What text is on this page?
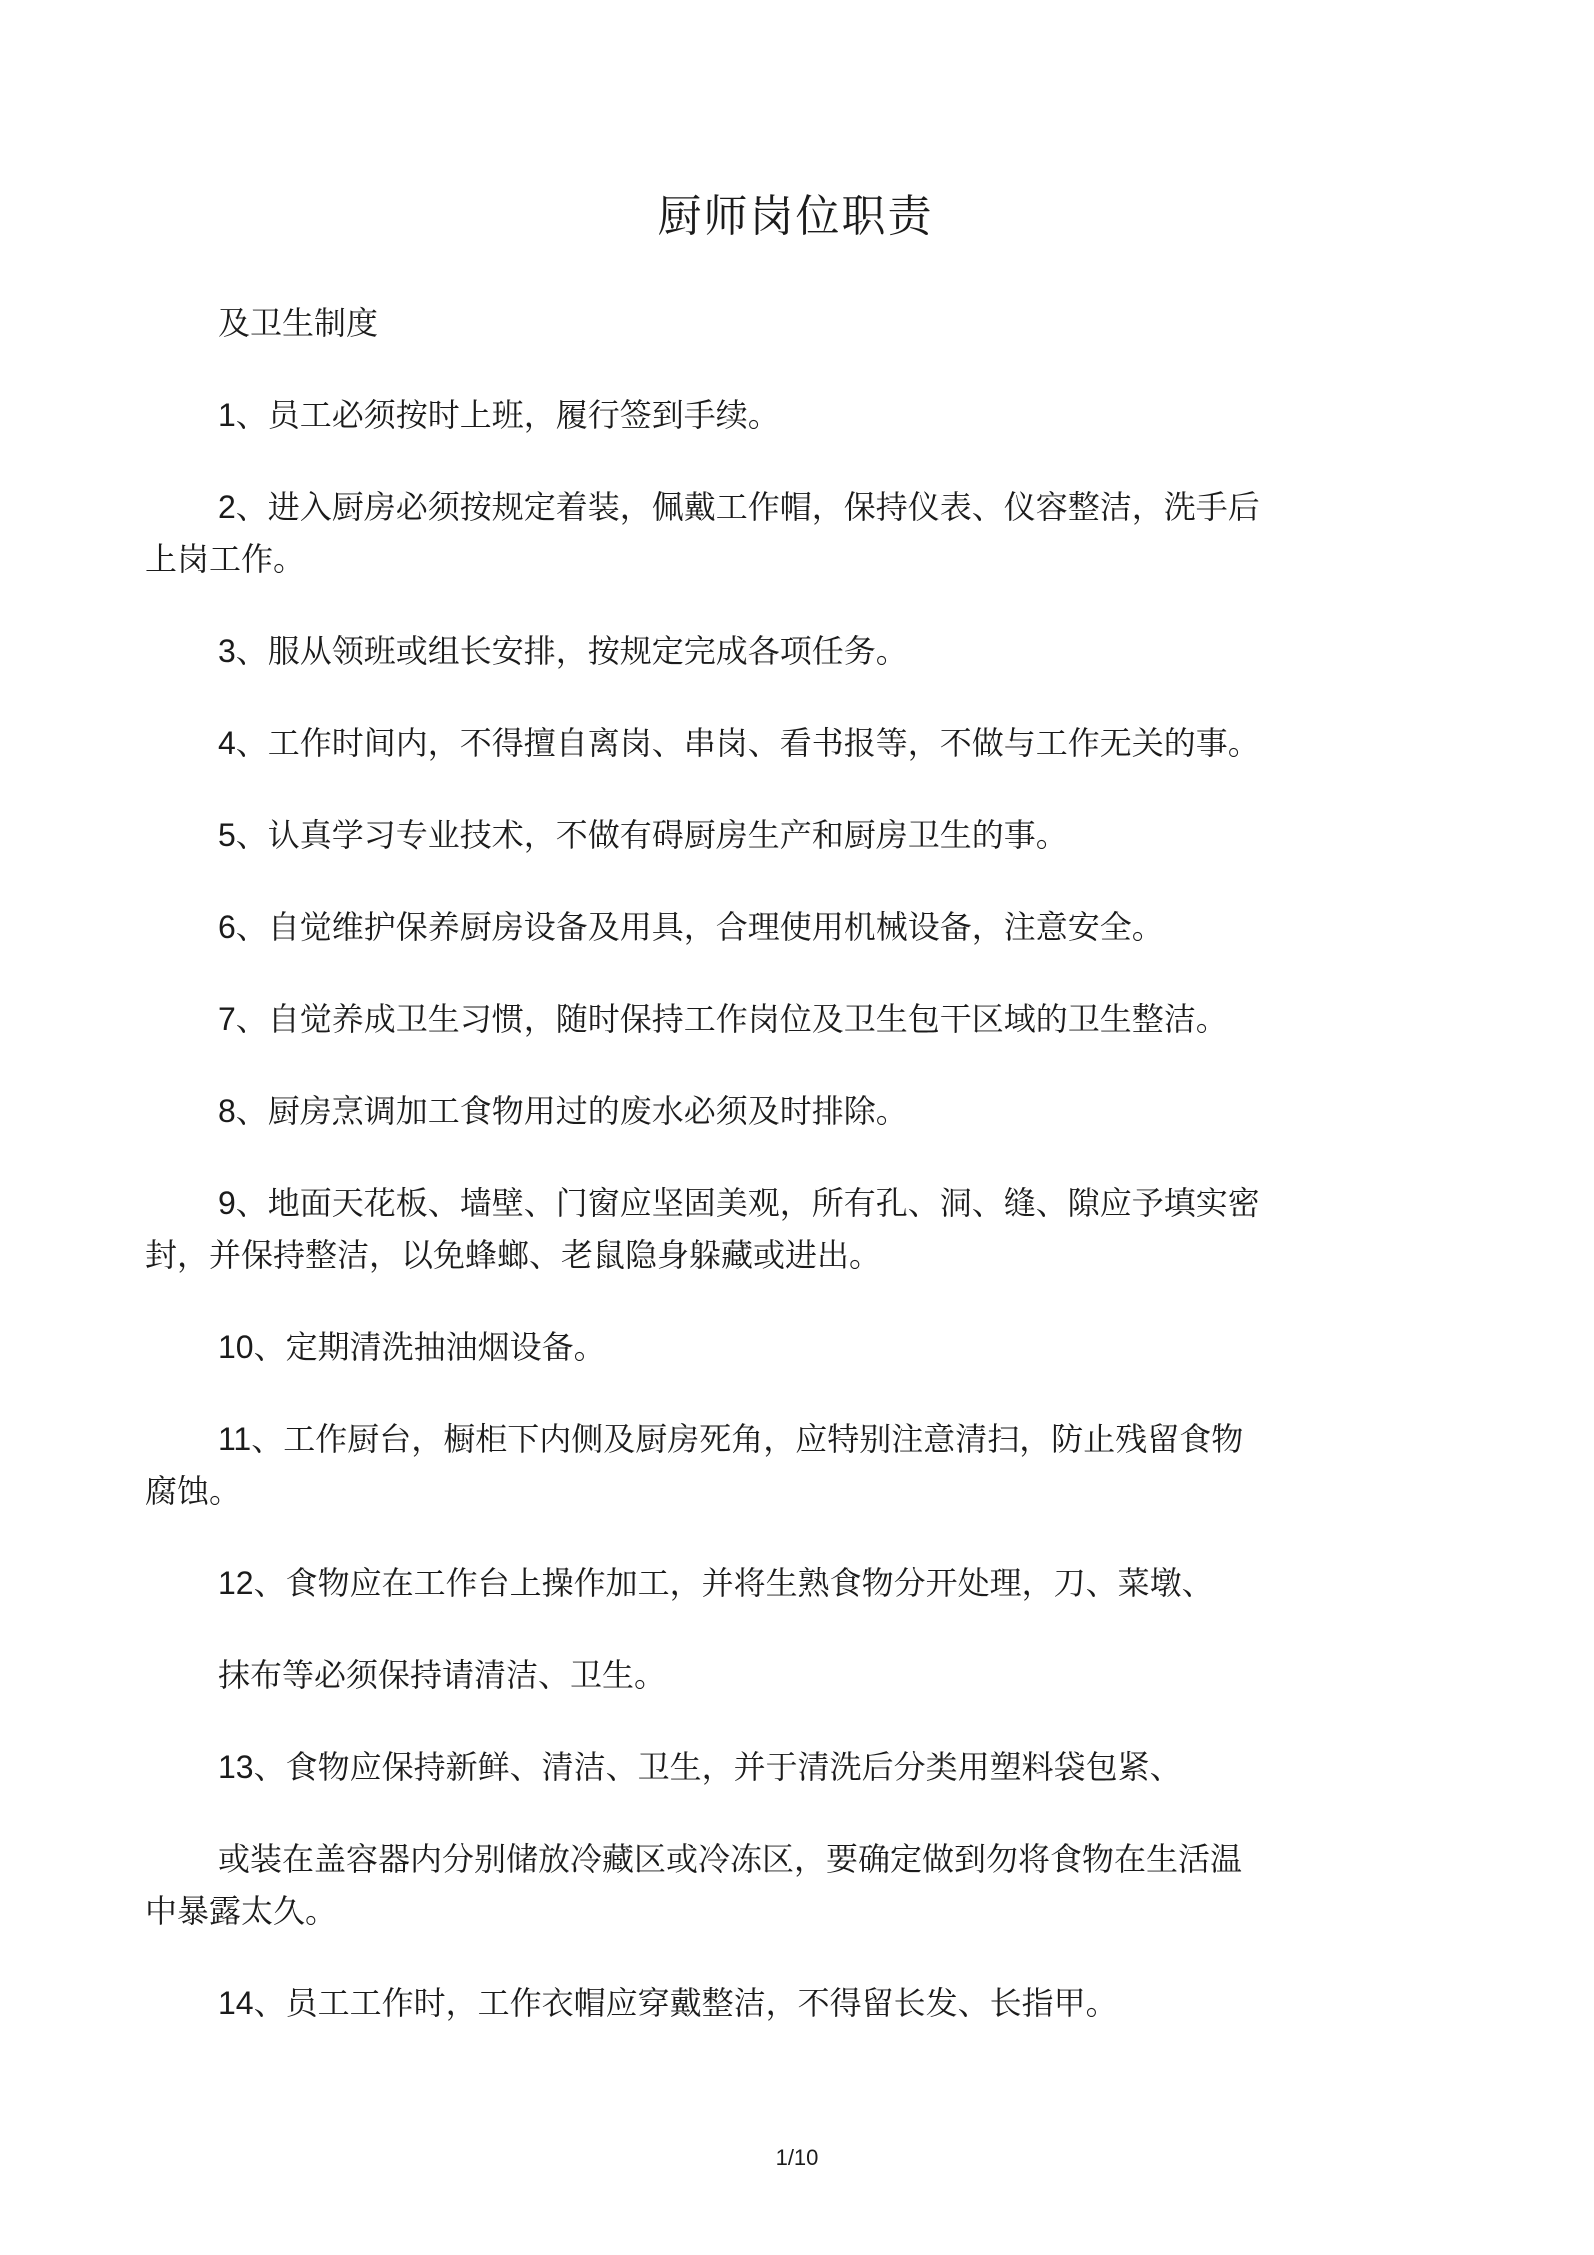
厨师岗位职责
及卫生制度
1、员工必须按时上班，履行签到手续。
2、进入厨房必须按规定着装，佩戴工作帽，保持仪表、仪容整洁，洗手后
上岗工作。
3、服从领班或组长安排，按规定完成各项任务。
4、工作时间内，不得擅自离岗、串岗、看书报等，不做与工作无关的事。
5、认真学习专业技术，不做有碍厨房生产和厨房卫生的事。
6、自觉维护保养厨房设备及用具，合理使用机械设备，注意安全。
7、自觉养成卫生习惯，随时保持工作岗位及卫生包干区域的卫生整洁。
8、厨房烹调加工食物用过的废水必须及时排除。
9、地面天花板、墙壁、门窗应坚固美观，所有孔、洞、缝、隙应予填实密
封，并保持整洁，以免蜂螂、老鼠隐身躲藏或进出。
10、定期清洗抽油烟设备。
11、工作厨台，橱柜下内侧及厨房死角，应特别注意清扫，防止残留食物
腐蚀。
12、食物应在工作台上操作加工，并将生熟食物分开处理，刀、菜墩、
抹布等必须保持请清洁、卫生。
13、食物应保持新鲜、清洁、卫生，并于清洗后分类用塑料袋包紧、
或装在盖容器内分别储放冷藏区或冷冻区，要确定做到勿将食物在生活温
中暴露太久。
14、员工工作时，工作衣帽应穿戴整洁，不得留长发、长指甲。
1/10
